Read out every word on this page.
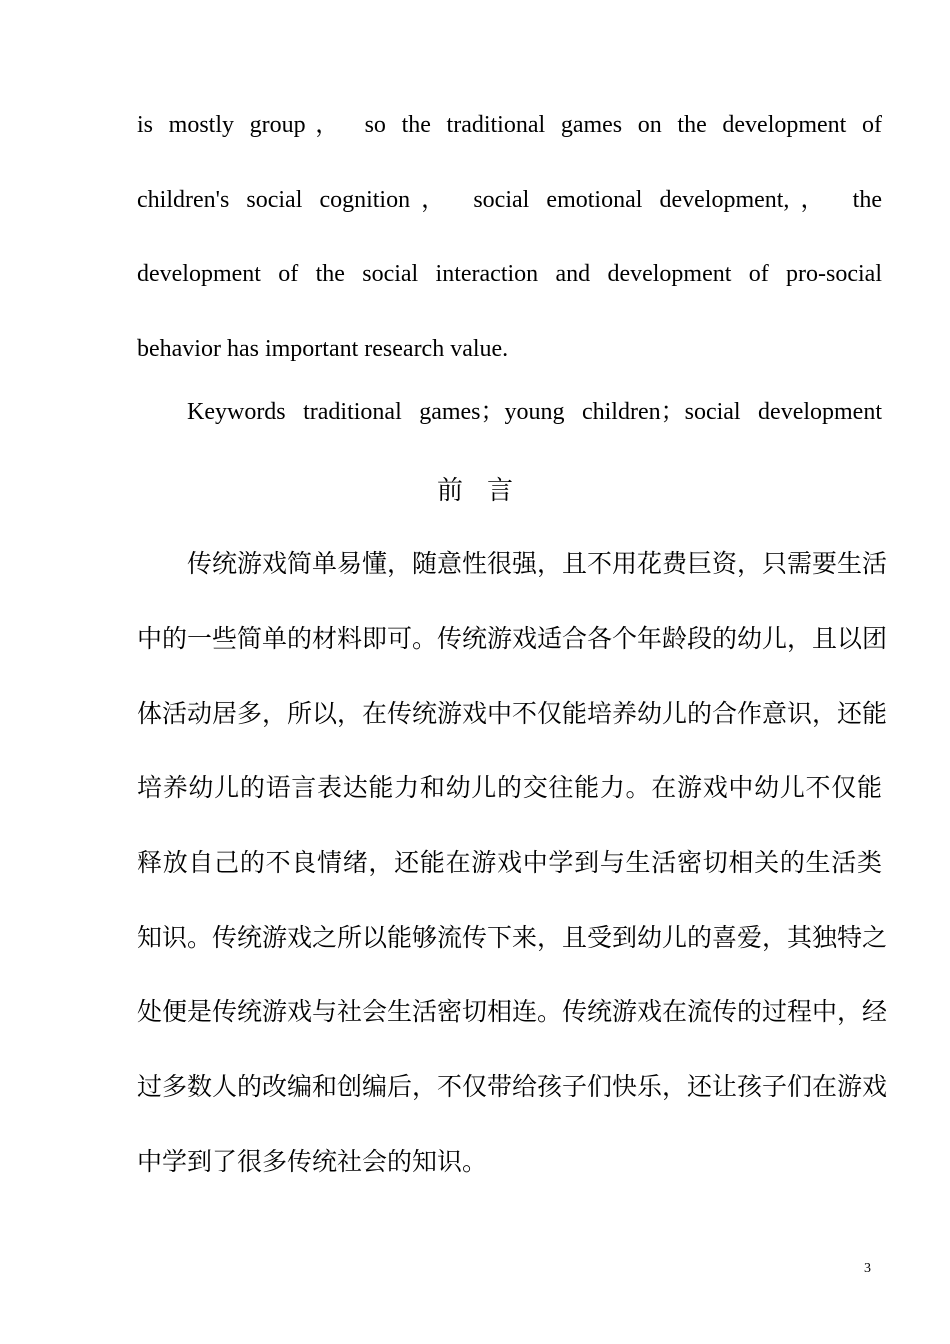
is mostly group， so the traditional games on the development of
children's social cognition， social emotional development,， the
development of the social interaction and development of pro-social
behavior has important research value.
Keywords traditional games；young children；social development
前言
传统游戏简单易懂，随意性很强，且不用花费巨资，只需要生活
中的一些简单的材料即可。传统游戏适合各个年龄段的幼儿，且以团
体活动居多，所以，在传统游戏中不仅能培养幼儿的合作意识，还能
培养幼儿的语言表达能力和幼儿的交往能力。在游戏中幼儿不仅能
释放自己的不良情绪，还能在游戏中学到与生活密切相关的生活类
知识。传统游戏之所以能够流传下来，且受到幼儿的喜爱，其独特之
处便是传统游戏与社会生活密切相连。传统游戏在流传的过程中，经
过多数人的改编和创编后，不仅带给孩子们快乐，还让孩子们在游戏
中学到了很多传统社会的知识。
3
